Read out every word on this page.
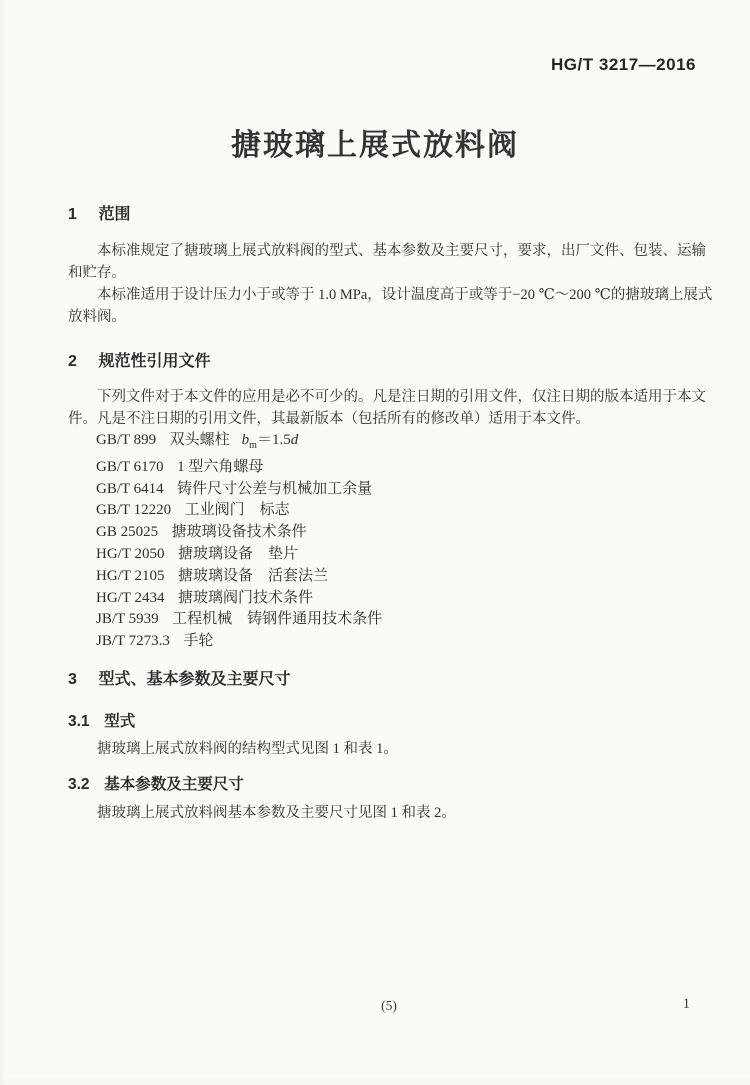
HG/T 3217—2016
搪玻璃上展式放料阀
1 范围

本标准规定了搪玻璃上展式放料阀的型式、基本参数及主要尺寸，要求，出厂文件、包装、运输和贮存。

本标准适用于设计压力小于或等于 1.0 MPa，设计温度高于或等于−20 ℃～200 ℃的搪玻璃上展式放料阀。

2 规范性引用文件

下列文件对于本文件的应用是必不可少的。凡是注日期的引用文件，仅注日期的版本适用于本文件。凡是不注日期的引用文件，其最新版本（包括所有的修改单）适用于本文件。

GB/T 899 双头螺柱 $b_m=1.5d$
GB/T 6170 1 型六角螺母
GB/T 6414 铸件尺寸公差与机械加工余量
GB/T 12220 工业阀门　标志
GB 25025 搪玻璃设备技术条件
HG/T 2050 搪玻璃设备　垫片
HG/T 2105 搪玻璃设备　活套法兰
HG/T 2434 搪玻璃阀门技术条件
JB/T 5939 工程机械　铸钢件通用技术条件
JB/T 7273.3 手轮
3 型式、基本参数及主要尺寸
3.1 型式
搪玻璃上展式放料阀的结构型式见图 1 和表 1。
3.2 基本参数及主要尺寸
搪玻璃上展式放料阀基本参数及主要尺寸见图 1 和表 2。
(5)	1
